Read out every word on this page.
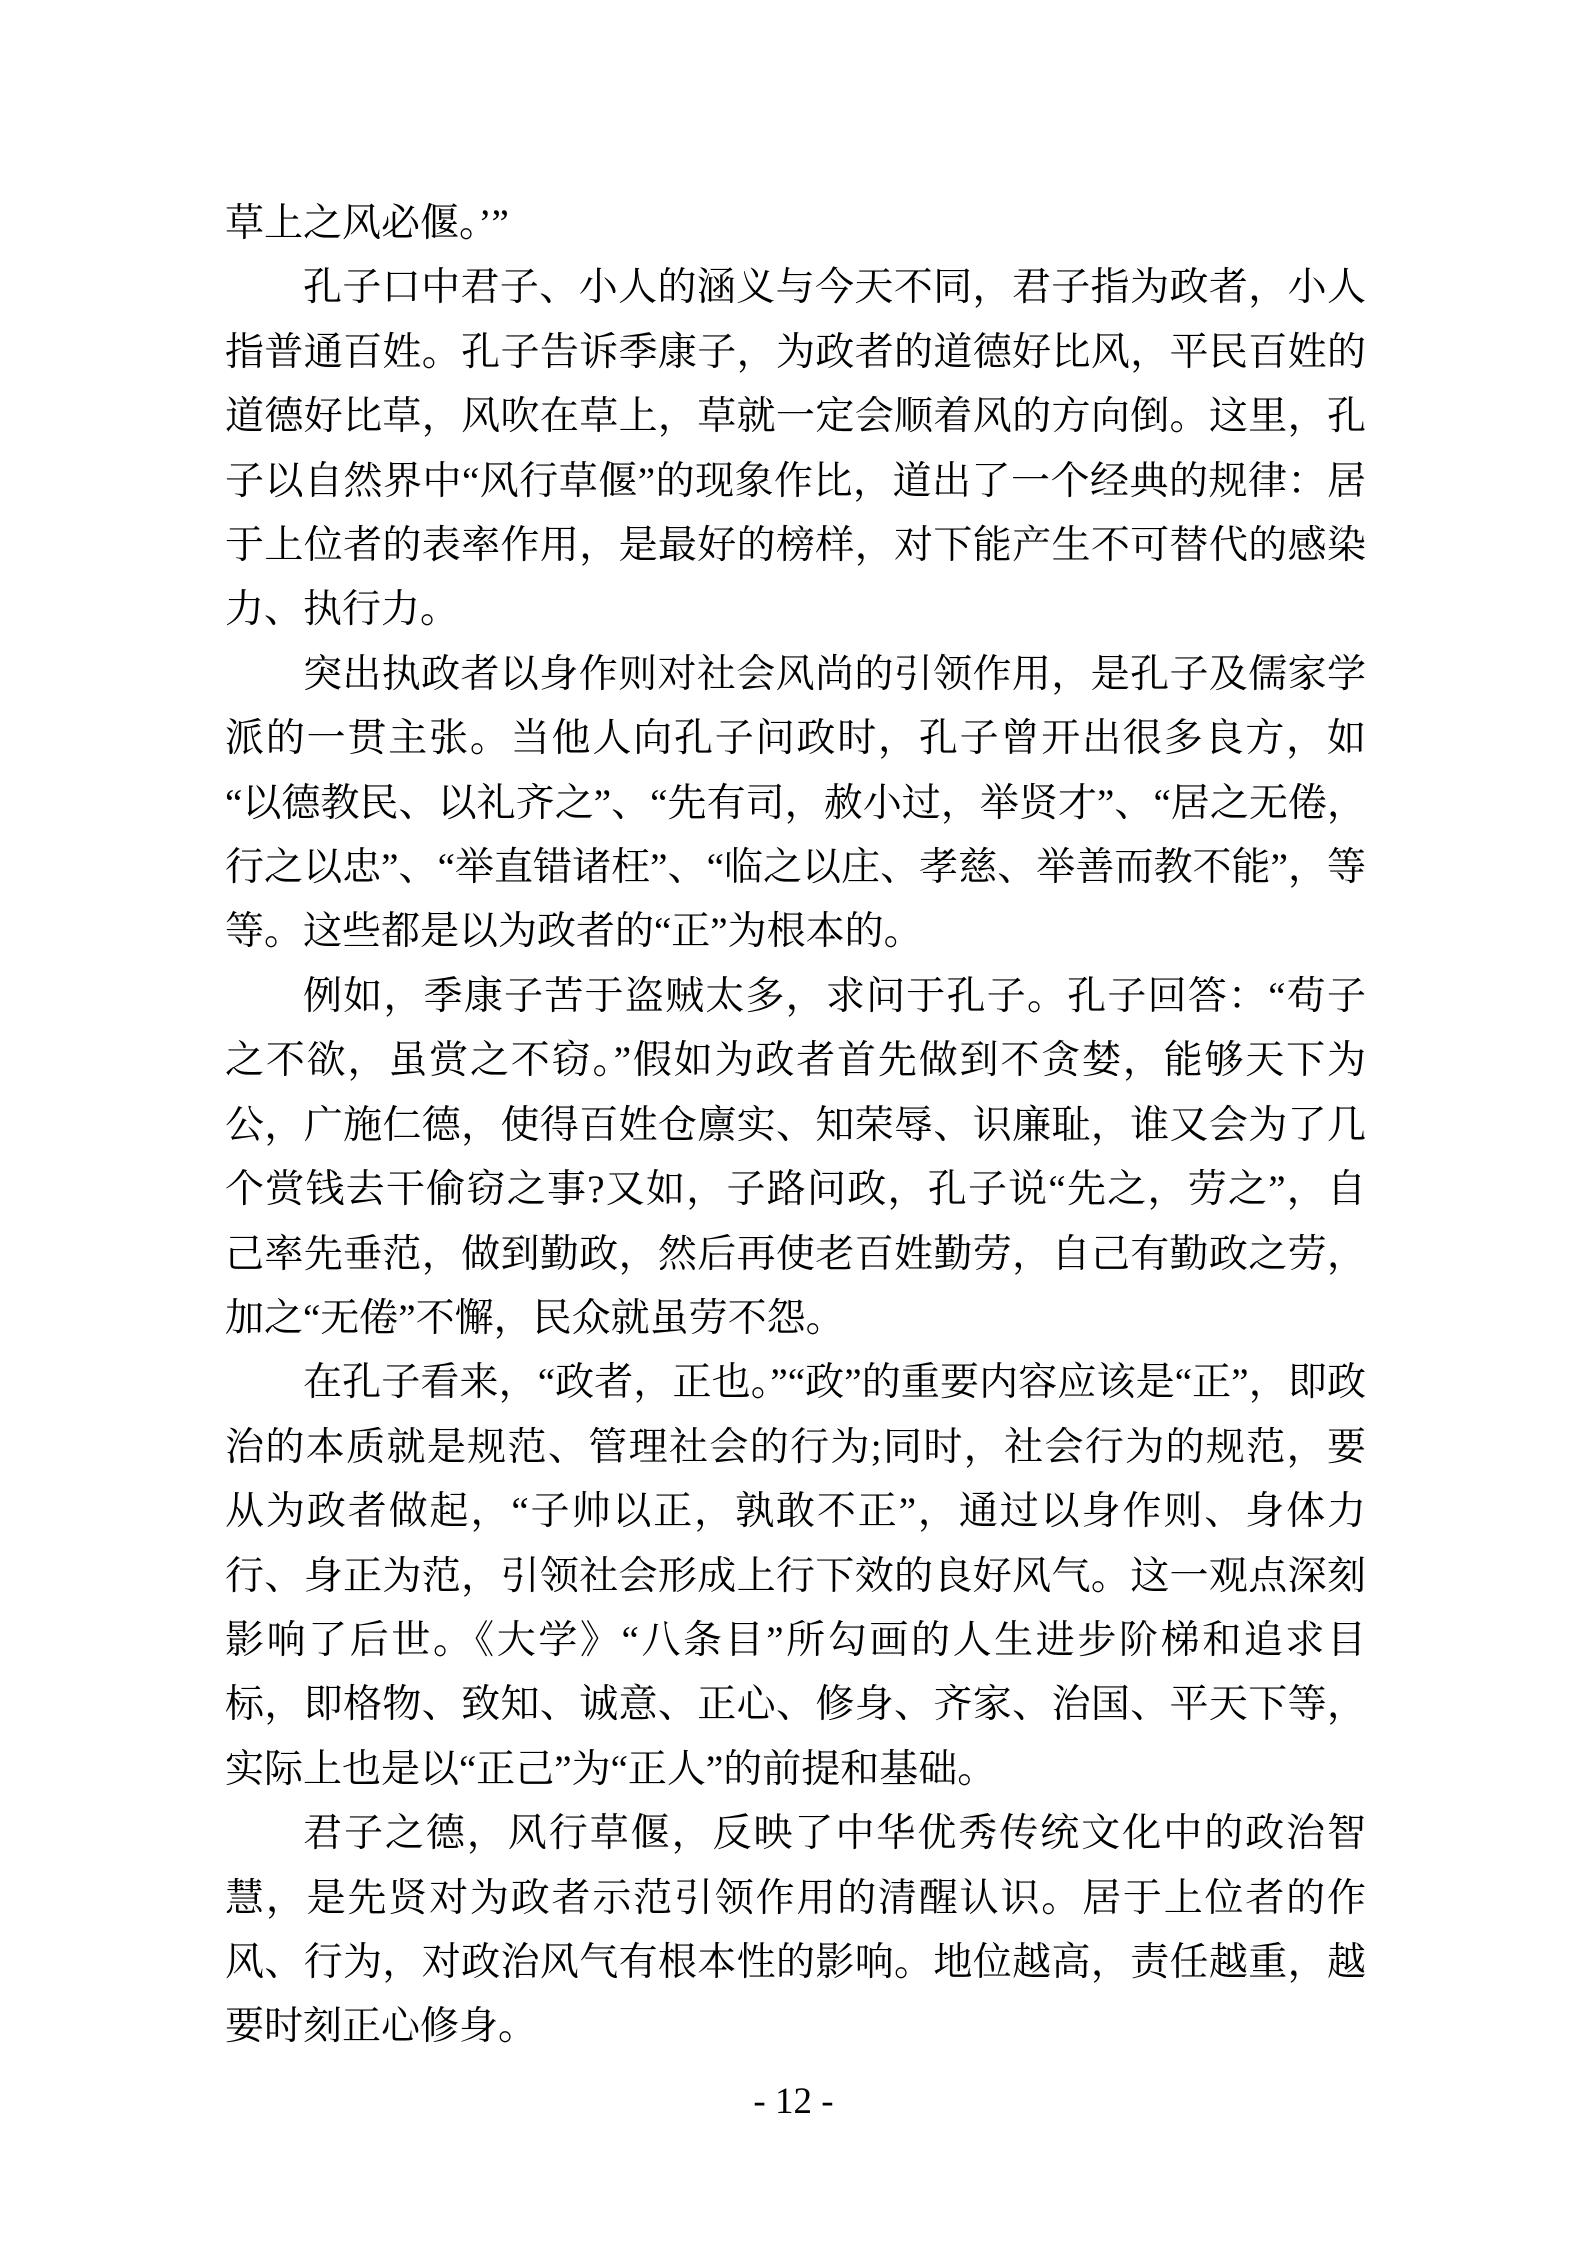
草上之风必偃。’”

孔子口中君子、小人的涵义与今天不同，君子指为政者，小人指普通百姓。孔子告诉季康子，为政者的道德好比风，平民百姓的道德好比草，风吹在草上，草就一定会顺着风的方向倒。这里，孔子以自然界中“风行草偃”的现象作比，道出了一个经典的规律：居于上位者的表率作用，是最好的榜样，对下能产生不可替代的感染力、执行力。

突出执政者以身作则对社会风尚的引领作用，是孔子及儒家学派的一贯主张。当他人向孔子问政时，孔子曾开出很多良方，如“以德教民、以礼齐之”、“先有司，赦小过，举贤才”、“居之无倦，行之以忠”、“举直错诸枉”、“临之以庄、孝慈、举善而教不能”，等等。这些都是以为政者的“正”为根本的。

例如，季康子苦于盗贼太多，求问于孔子。孔子回答：“苟子之不欲，虽赏之不窃。”假如为政者首先做到不贪婪，能够天下为公，广施仁德，使得百姓仓廪实、知荣辱、识廉耻，谁又会为了几个赏钱去干偷窃之事?又如，子路问政，孔子说“先之，劳之”，自己率先垂范，做到勤政，然后再使老百姓勤劳，自己有勤政之劳，加之“无倦”不懈，民众就虽劳不怨。

在孔子看来，“政者，正也。”“政”的重要内容应该是“正”，即政治的本质就是规范、管理社会的行为;同时，社会行为的规范，要从为政者做起，“子帅以正，孰敢不正”，通过以身作则、身体力行、身正为范，引领社会形成上行下效的良好风气。这一观点深刻影响了后世。《大学》“八条目”所勾画的人生进步阶梯和追求目标，即格物、致知、诚意、正心、修身、齐家、治国、平天下等，实际上也是以“正己”为“正人”的前提和基础。

君子之德，风行草偃，反映了中华优秀传统文化中的政治智慧，是先贤对为政者示范引领作用的清醒认识。居于上位者的作风、行为，对政治风气有根本性的影响。地位越高，责任越重，越要时刻正心修身。

- 12 -
